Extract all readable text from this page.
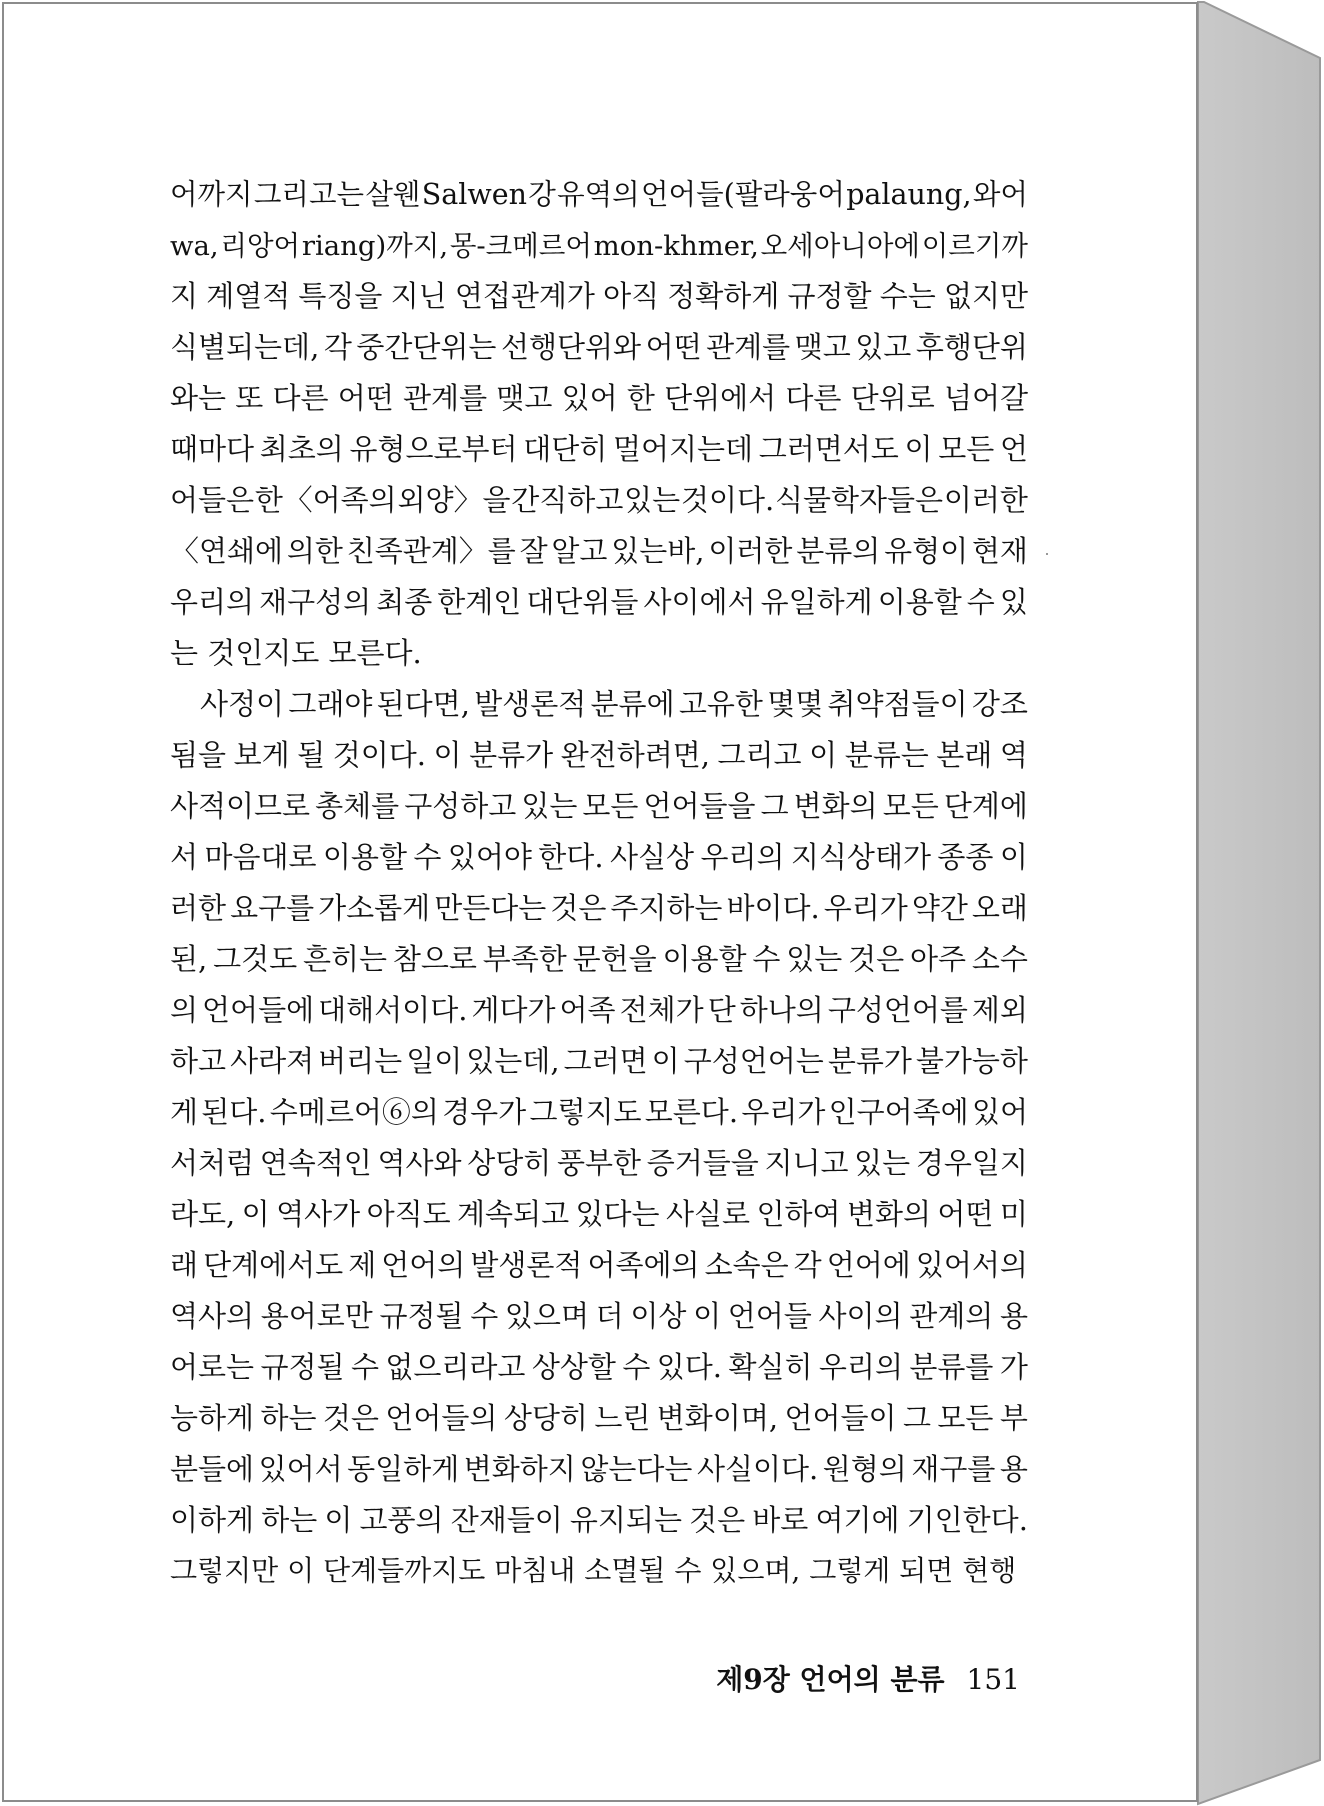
어까지 그리고는 살웬 Salwen 강 유역의 언어들(팔라웅어 palaung, 와어
wa, 리앙어 riang)까지, 몽-크메르어 mon-khmer, 오세아니아에 이르기까
지 계열적 특징을 지닌 연접관계가 아직 정확하게 규정할 수는 없지만
식별되는데, 각 중간단위는 선행단위와 어떤 관계를 맺고 있고 후행단위
와는 또 다른 어떤 관계를 맺고 있어 한 단위에서 다른 단위로 넘어갈
때마다 최초의 유형으로부터 대단히 멀어지는데 그러면서도 이 모든 언
어들은 한 〈어족의 외양〉을 간직하고 있는 것이다. 식물학자들은 이러한
〈연쇄에 의한 친족관계〉를 잘 알고 있는바, 이러한 분류의 유형이 현재
우리의 재구성의 최종 한계인 대단위들 사이에서 유일하게 이용할 수 있
는 것인지도 모른다.
사정이 그래야 된다면, 발생론적 분류에 고유한 몇몇 취약점들이 강조
됨을 보게 될 것이다. 이 분류가 완전하려면, 그리고 이 분류는 본래 역
사적이므로 총체를 구성하고 있는 모든 언어들을 그 변화의 모든 단계에
서 마음대로 이용할 수 있어야 한다. 사실상 우리의 지식상태가 종종 이
러한 요구를 가소롭게 만든다는 것은 주지하는 바이다. 우리가 약간 오래
된, 그것도 흔히는 참으로 부족한 문헌을 이용할 수 있는 것은 아주 소수
의 언어들에 대해서이다. 게다가 어족 전체가 단 하나의 구성언어를 제외
하고 사라져 버리는 일이 있는데, 그러면 이 구성언어는 분류가 불가능하
게 된다. 수메르어⑥의 경우가 그렇지도 모른다. 우리가 인구어족에 있어
서처럼 연속적인 역사와 상당히 풍부한 증거들을 지니고 있는 경우일지
라도, 이 역사가 아직도 계속되고 있다는 사실로 인하여 변화의 어떤 미
래 단계에서도 제 언어의 발생론적 어족에의 소속은 각 언어에 있어서의
역사의 용어로만 규정될 수 있으며 더 이상 이 언어들 사이의 관계의 용
어로는 규정될 수 없으리라고 상상할 수 있다. 확실히 우리의 분류를 가
능하게 하는 것은 언어들의 상당히 느린 변화이며, 언어들이 그 모든 부
분들에 있어서 동일하게 변화하지 않는다는 사실이다. 원형의 재구를 용
이하게 하는 이 고풍의 잔재들이 유지되는 것은 바로 여기에 기인한다.
그렇지만 이 단계들까지도 마침내 소멸될 수 있으며, 그렇게 되면 현행
제9장 언어의 분류 151
